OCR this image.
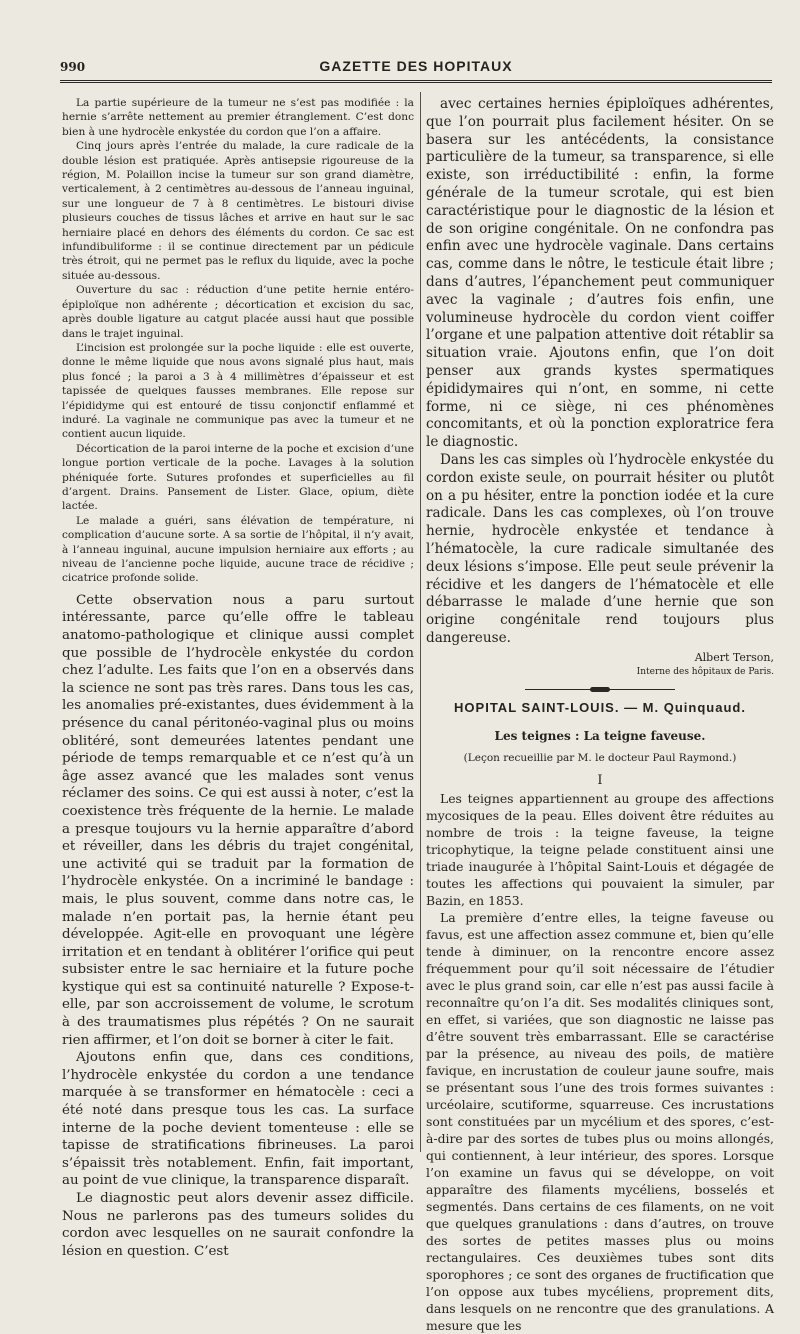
990	GAZETTE DES HOPITAUX

La partie supérieure de la tumeur ne s’est pas modifiée : la hernie s’arrête nettement au premier étranglement. C’est donc bien à une hydrocèle enkystée du cordon que l’on a affaire.

Cinq jours après l’entrée du malade, la cure radicale de la double lésion est pratiquée. Après antisepsie rigoureuse de la région, M. Polaillon incise la tumeur sur son grand diamètre, verticalement, à 2 centimètres au-dessous de l’anneau inguinal, sur une longueur de 7 à 8 centimètres. Le bistouri divise plusieurs couches de tissus lâches et arrive en haut sur le sac herniaire placé en dehors des éléments du cordon. Ce sac est infundibuliforme : il se continue directement par un pédicule très étroit, qui ne permet pas le reflux du liquide, avec la poche située au-dessous.

Ouverture du sac : réduction d’une petite hernie entéro-épiploïque non adhérente ; décortication et excision du sac, après double ligature au catgut placée aussi haut que possible dans le trajet inguinal.

L’incision est prolongée sur la poche liquide : elle est ouverte, donne le même liquide que nous avons signalé plus haut, mais plus foncé ; la paroi a 3 à 4 millimètres d’épaisseur et est tapissée de quelques fausses membranes. Elle repose sur l’épididyme qui est entouré de tissu conjonctif enflammé et induré. La vaginale ne communique pas avec la tumeur et ne contient aucun liquide.

Décortication de la paroi interne de la poche et excision d’une longue portion verticale de la poche. Lavages à la solution phéniquée forte. Sutures profondes et superficielles au fil d’argent. Drains. Pansement de Lister. Glace, opium, diète lactée.

Le malade a guéri, sans élévation de température, ni complication d’aucune sorte. A sa sortie de l’hôpital, il n’y avait, à l’anneau inguinal, aucune impulsion herniaire aux efforts ; au niveau de l’ancienne poche liquide, aucune trace de récidive ; cicatrice profonde solide.

Cette observation nous a paru surtout intéressante, parce qu’elle offre le tableau anatomo-pathologique et clinique aussi complet que possible de l’hydrocèle enkystée du cordon chez l’adulte. Les faits que l’on en a observés dans la science ne sont pas très rares. Dans tous les cas, les anomalies pré-existantes, dues évidemment à la présence du canal péritonéo-vaginal plus ou moins oblitéré, sont demeurées latentes pendant une période de temps remarquable et ce n’est qu’à un âge assez avancé que les malades sont venus réclamer des soins. Ce qui est aussi à noter, c’est la coexistence très fréquente de la hernie. Le malade a presque toujours vu la hernie apparaître d’abord et réveiller, dans les débris du trajet congénital, une activité qui se traduit par la formation de l’hydrocèle enkystée. On a incriminé le bandage : mais, le plus souvent, comme dans notre cas, le malade n’en portait pas, la hernie étant peu développée. Agit-elle en provoquant une légère irritation et en tendant à oblitérer l’orifice qui peut subsister entre le sac herniaire et la future poche kystique qui est sa continuité naturelle ? Expose-t-elle, par son accroissement de volume, le scrotum à des traumatismes plus répétés ? On ne saurait rien affirmer, et l’on doit se borner à citer le fait.

Ajoutons enfin que, dans ces conditions, l’hydrocèle enkystée du cordon a une tendance marquée à se transformer en hématocèle : ceci a été noté dans presque tous les cas. La surface interne de la poche devient tomenteuse : elle se tapisse de stratifications fibrineuses. La paroi s’épaissit très notablement. Enfin, fait important, au point de vue clinique, la transparence disparaît.

Le diagnostic peut alors devenir assez difficile. Nous ne parlerons pas des tumeurs solides du cordon avec lesquelles on ne saurait confondre la lésion en question. C’est

avec certaines hernies épiploïques adhérentes, que l’on pourrait plus facilement hésiter. On se basera sur les antécédents, la consistance particulière de la tumeur, sa transparence, si elle existe, son irréductibilité : enfin, la forme générale de la tumeur scrotale, qui est bien caractéristique pour le diagnostic de la lésion et de son origine congénitale. On ne confondra pas enfin avec une hydrocèle vaginale. Dans certains cas, comme dans le nôtre, le testicule était libre ; dans d’autres, l’épanchement peut communiquer avec la vaginale ; d’autres fois enfin, une volumineuse hydrocèle du cordon vient coiffer l’organe et une palpation attentive doit rétablir sa situation vraie. Ajoutons enfin, que l’on doit penser aux grands kystes spermatiques épididymaires qui n’ont, en somme, ni cette forme, ni ce siège, ni ces phénomènes concomitants, et où la ponction exploratrice fera le diagnostic.

Dans les cas simples où l’hydrocèle enkystée du cordon existe seule, on pourrait hésiter ou plutôt on a pu hésiter, entre la ponction iodée et la cure radicale. Dans les cas complexes, où l’on trouve hernie, hydrocèle enkystée et tendance à l’hématocèle, la cure radicale simultanée des deux lésions s’impose. Elle peut seule prévenir la récidive et les dangers de l’hématocèle et elle débarrasse le malade d’une hernie que son origine congénitale rend toujours plus dangereuse.

Albert Terson,

Interne des hôpitaux de Paris.

HOPITAL SAINT-LOUIS. — M. Quinquaud.

Les teignes : La teigne faveuse.

(Leçon recueillie par M. le docteur Paul Raymond.)

I

Les teignes appartiennent au groupe des affections mycosiques de la peau. Elles doivent être réduites au nombre de trois : la teigne faveuse, la teigne tricophytique, la teigne pelade constituent ainsi une triade inaugurée à l’hôpital Saint-Louis et dégagée de toutes les affections qui pouvaient la simuler, par Bazin, en 1853.

La première d’entre elles, la teigne faveuse ou favus, est une affection assez commune et, bien qu’elle tende à diminuer, on la rencontre encore assez fréquemment pour qu’il soit nécessaire de l’étudier avec le plus grand soin, car elle n’est pas aussi facile à reconnaître qu’on l’a dit. Ses modalités cliniques sont, en effet, si variées, que son diagnostic ne laisse pas d’être souvent très embarrassant. Elle se caractérise par la présence, au niveau des poils, de matière favique, en incrustation de couleur jaune soufre, mais se présentant sous l’une des trois formes suivantes : urcéolaire, scutiforme, squarreuse. Ces incrustations sont constituées par un mycélium et des spores, c’est-à-dire par des sortes de tubes plus ou moins allongés, qui contiennent, à leur intérieur, des spores. Lorsque l’on examine un favus qui se développe, on voit apparaître des filaments mycéliens, bosselés et segmentés. Dans certains de ces filaments, on ne voit que quelques granulations : dans d’autres, on trouve des sortes de petites masses plus ou moins rectangulaires. Ces deuxièmes tubes sont dits sporophores ; ce sont des organes de fructification que l’on oppose aux tubes mycéliens, proprement dits, dans lesquels on ne rencontre que des granulations. A mesure que les
